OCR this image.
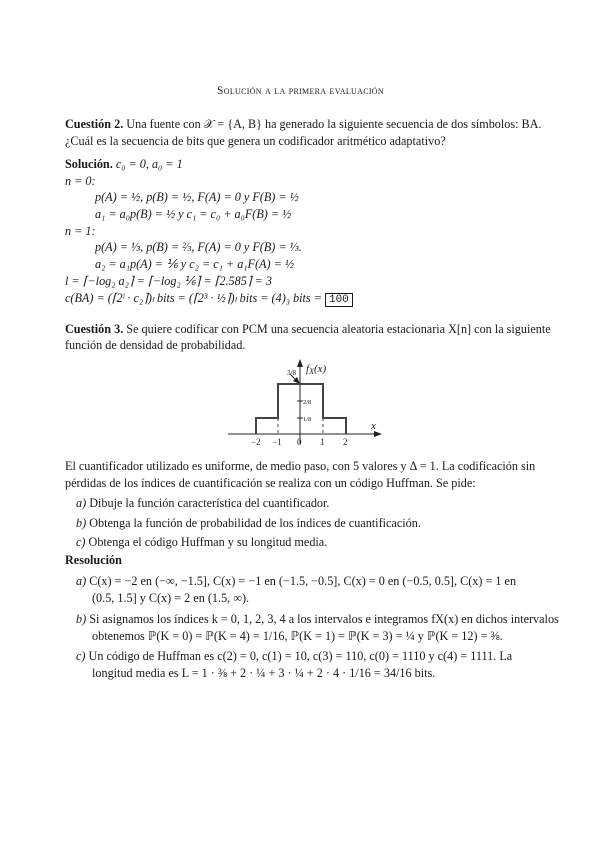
Solución a la primera evaluación
Cuestión 2. Una fuente con 𝒳 = {A, B} ha generado la siguiente secuencia de dos símbolos: BA.
¿Cuál es la secuencia de bits que genera un codificador aritmético adaptativo?
Solución. c₀ = 0, a₀ = 1
n = 0:
p(A) = ½, p(B) = ½, F(A) = 0 y F(B) = ½
a₁ = a₀p(B) = ½ y c₁ = c₀ + a₀F(B) = ½
n = 1:
p(A) = ⅓, p(B) = ⅔, F(A) = 0 y F(B) = ⅓.
a₂ = a₁p(A) = ⅙ y c₂ = c₁ + a₁F(A) = ½
l = ⌈−log₂ a₂⌉ = ⌈−log₂ ⅙⌉ = ⌈2.585⌉ = 3
c(BA) = (⌈2ˡ · c₂⌉)ₗ bits = (⌈2³ · ½⌉)ₗ bits = (4)₃ bits = 100
Cuestión 3. Se quiere codificar con PCM una secuencia aleatoria estacionaria X[n] con la siguiente
función de densidad de probabilidad.
3/8
2/8
1/8
fX(x)
x
−2 −1 0 1 2
El cuantificador utilizado es uniforme, de medio paso, con 5 valores y Δ = 1. La codificación sin
pérdidas de los índices de cuantificación se realiza con un código Huffman. Se pide:
a) Dibuje la función característica del cuantificador.
b) Obtenga la función de probabilidad de los índices de cuantificación.
c) Obtenga el código Huffman y su longitud media.
Resolución
a) C(x) = −2 en (−∞, −1.5], C(x) = −1 en (−1.5, −0.5], C(x) = 0 en (−0.5, 0.5], C(x) = 1 en
(0.5, 1.5] y C(x) = 2 en (1.5, ∞).
b) Si asignamos los índices k = 0, 1, 2, 3, 4 a los intervalos e integramos fX(x) en dichos intervalos
obtenemos ℙ(K = 0) = ℙ(K = 4) = 1/16, ℙ(K = 1) = ℙ(K = 3) = ¼ y ℙ(K = 12) = ⅜.
c) Un código de Huffman es c(2) = 0, c(1) = 10, c(3) = 110, c(0) = 1110 y c(4) = 1111. La
longitud media es L = 1 · ⅜ + 2 · ¼ + 3 · ¼ + 2 · 4 · 1/16 = 34/16 bits.
